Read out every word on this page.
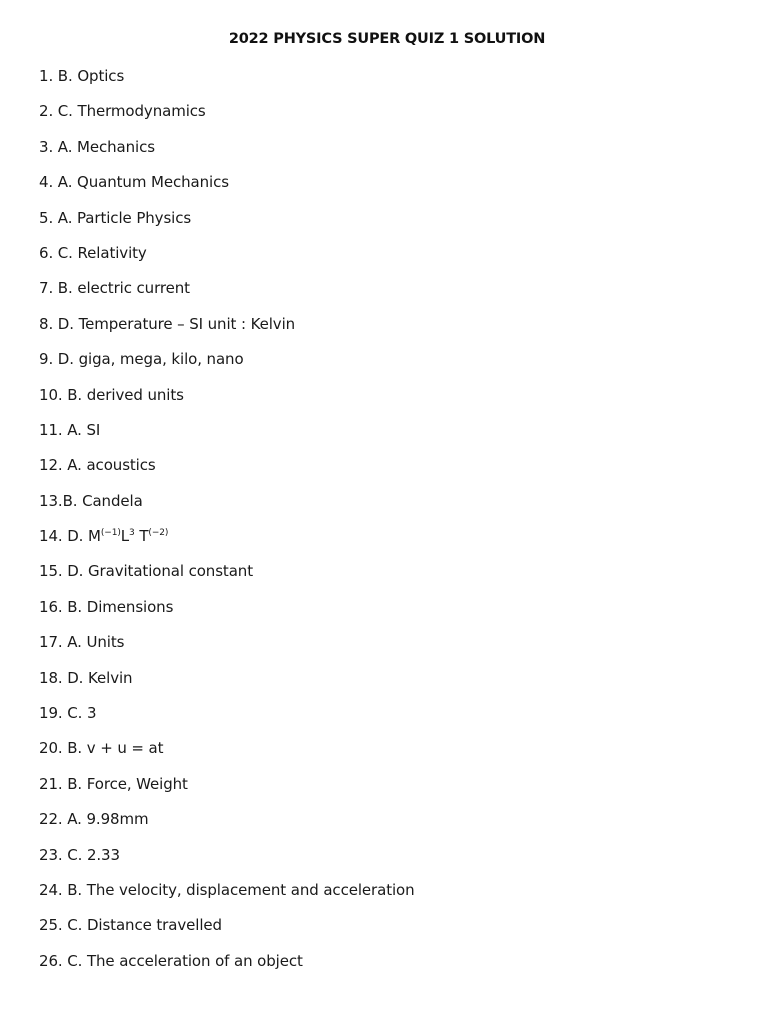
2022 PHYSICS SUPER QUIZ 1 SOLUTION
1. B. Optics
2. C. Thermodynamics
3. A. Mechanics
4. A. Quantum Mechanics
5. A. Particle Physics
6. C. Relativity
7. B. electric current
8. D. Temperature – SI unit : Kelvin
9. D. giga, mega, kilo, nano
10. B. derived units
11. A. SI
12. A. acoustics
13.B. Candela
14. D. $M^{(-1)}L^3$ $T^{(-2)}$
15. D. Gravitational constant
16. B. Dimensions
17. A. Units
18. D. Kelvin
19. C. 3
20. B. v + u = at
21. B. Force, Weight
22. A. 9.98mm
23. C. 2.33
24. B. The velocity, displacement and acceleration
25. C. Distance travelled
26. C. The acceleration of an object
